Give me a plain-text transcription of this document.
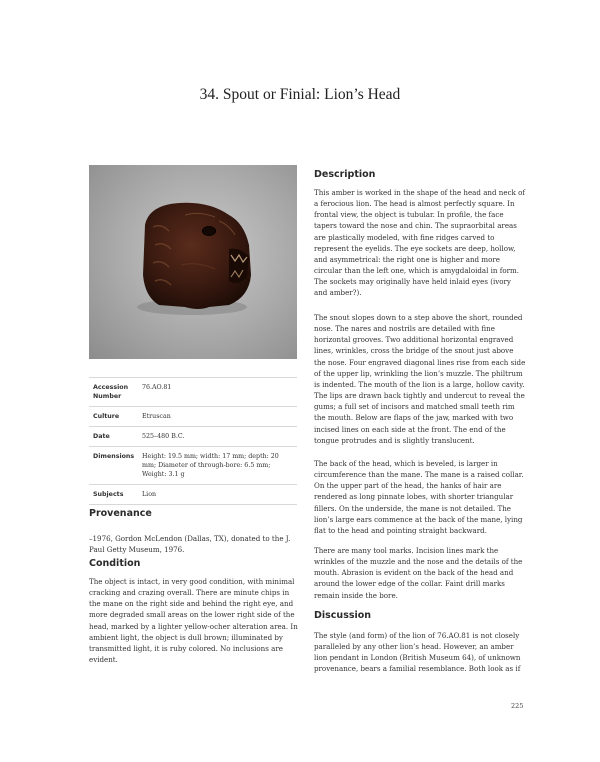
34. Spout or Finial: Lion’s Head
Accession Number	76.AO.81
Culture	Etruscan
Date	525–480 B.C.
Dimensions	Height: 19.5 mm; width: 17 mm; depth: 20 mm; Diameter of through-bore: 6.5 mm; Weight: 3.1 g
Subjects	Lion
Provenance

–1976, Gordon McLendon (Dallas, TX), donated to the J. Paul Getty Museum, 1976.

Condition

The object is intact, in very good condition, with minimal cracking and crazing overall. There are minute chips in the mane on the right side and behind the right eye, and more degraded small areas on the lower right side of the head, marked by a lighter yellow-ocher alteration area. In ambient light, the object is dull brown; illuminated by transmitted light, it is ruby colored. No inclusions are evident.

Description

This amber is worked in the shape of the head and neck of a ferocious lion. The head is almost perfectly square. In frontal view, the object is tubular. In profile, the face tapers toward the nose and chin. The supraorbital areas are plastically modeled, with fine ridges carved to represent the eyelids. The eye sockets are deep, hollow, and asymmetrical: the right one is higher and more circular than the left one, which is amygdaloidal in form. The sockets may originally have held inlaid eyes (ivory and amber?).

The snout slopes down to a step above the short, rounded nose. The nares and nostrils are detailed with fine horizontal grooves. Two additional horizontal engraved lines, wrinkles, cross the bridge of the snout just above the nose. Four engraved diagonal lines rise from each side of the upper lip, wrinkling the lion’s muzzle. The philtrum is indented. The mouth of the lion is a large, hollow cavity. The lips are drawn back tightly and undercut to reveal the gums; a full set of incisors and matched small teeth rim the mouth. Below are flaps of the jaw, marked with two incised lines on each side at the front. The end of the tongue protrudes and is slightly translucent.

The back of the head, which is beveled, is larger in circumference than the mane. The mane is a raised collar. On the upper part of the head, the hanks of hair are rendered as long pinnate lobes, with shorter triangular fillers. On the underside, the mane is not detailed. The lion’s large ears commence at the back of the mane, lying flat to the head and pointing straight backward.

There are many tool marks. Incision lines mark the wrinkles of the muzzle and the nose and the details of the mouth. Abrasion is evident on the back of the head and around the lower edge of the collar. Faint drill marks remain inside the bore.

Discussion

The style (and form) of the lion of 76.AO.81 is not closely paralleled by any other lion’s head. However, an amber lion pendant in London (British Museum 64), of unknown provenance, bears a familial resemblance. Both look as if

225
